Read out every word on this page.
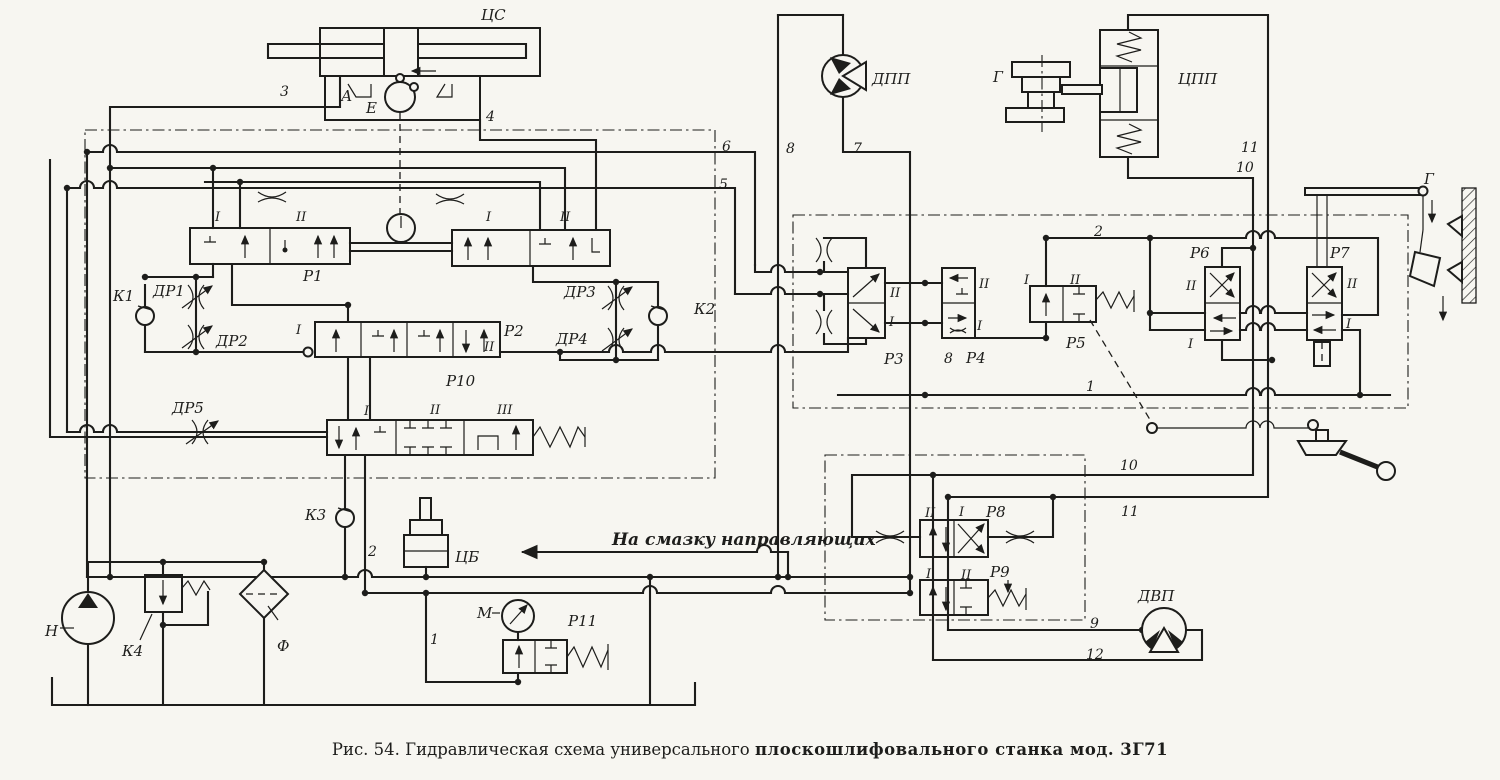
ЦС
3	А
Е	4
К1 ДР1
ДР2
Р1
I	II	I	II
Р2
I
II
Р10
ДР3
ДР4
К2
ДР5	I	II	III
К3
2	ЦБ
На смазку направляющих
М	Р11
1
Н
К4	Ф
6
5
8	7
ДПП	Г	ЦПП
11
10
Р3
II
I
Р4
II
I
8
Р5
I	II
2
1
Р6
II
I
Р7
II
I
Г
10
11
Р8
II I
Р9
I II
9
12
ДВП
Рис. 54. Гидравлическая схема универсального плоскошлифовального станка мод. 3Г71
